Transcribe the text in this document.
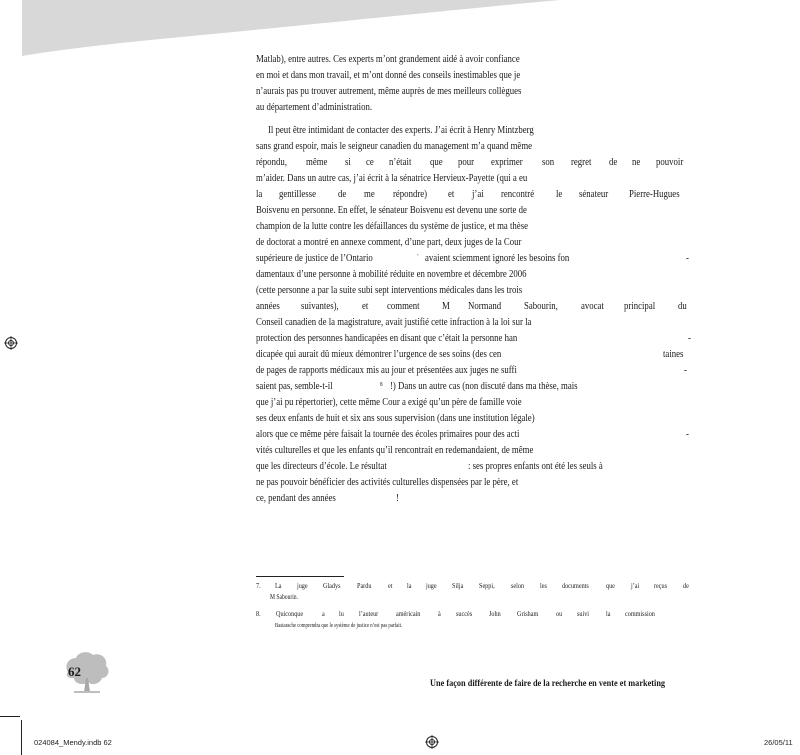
Matlab), entre autres. Ces experts m’ont grandement aidé à avoir confiance
en moi et dans mon travail, et m’ont donné des conseils inestimables que je
n’aurais pas pu trouver autrement, même auprès de mes meilleurs collègues
au département d’administration.
Il peut être intimidant de contacter des experts. J’ai écrit à Henry Mintzberg
sans grand espoir, mais le seigneur canadien du management m’a quand même
répondu, même si ce n’était que pour exprimer son regret de ne pouvoir
m’aider. Dans un autre cas, j’ai écrit à la sénatrice Hervieux-Payette (qui a eu
la gentillesse de me répondre) et j’ai rencontré le sénateur Pierre-Hugues
Boisvenu en personne. En effet, le sénateur Boisvenu est devenu une sorte de
champion de la lutte contre les défaillances du système de justice, et ma thèse
de doctorat a montré en annexe comment, d’une part, deux juges de la Cour
supérieure de justice de l’Ontario	’ avaient sciemment ignoré les besoins fon	-
damentaux d’une personne à mobilité réduite en novembre et décembre 2006
(cette personne a par la suite subi sept interventions médicales dans les trois
années suivantes), et comment M Normand Sabourin, avocat principal du
Conseil canadien de la magistrature, avait justifié cette infraction à la loi sur la
protection des personnes handicapées en disant que c’était la personne han	-
dicapée qui aurait dû mieux démontrer l’urgence de ses soins (des cen	taines
de pages de rapports médicaux mis au jour et présentées aux juges ne suffi	-
saient pas, semble-t-il	8 !) Dans un autre cas (non discuté dans ma thèse, mais
que j’ai pu répertorier), cette même Cour a exigé qu’un père de famille voie
ses deux enfants de huit et six ans sous supervision (dans une institution légale)
alors que ce même père faisait la tournée des écoles primaires pour des acti	-
vités culturelles et que les enfants qu’il rencontrait en redemandaient, de même
que les directeurs d’école. Le résultat	: ses propres enfants ont été les seuls à
ne pas pouvoir bénéficier des activités culturelles dispensées par le père, et
ce, pendant des années	!
7. La juge Gladys Pardu et la juge Silja Seppi, selon les documents	que j’ai reçus de
M Sabourin.
8. Quiconque	a lu l’auteur américain	à succès John Grisham ou suivi la commission
Bastarache comprendra que le système de justice n’est pas parfait.
62
Une façon différente de faire de la recherche en vente et marketing
024084_Mendy.indb 62	26/05/11
